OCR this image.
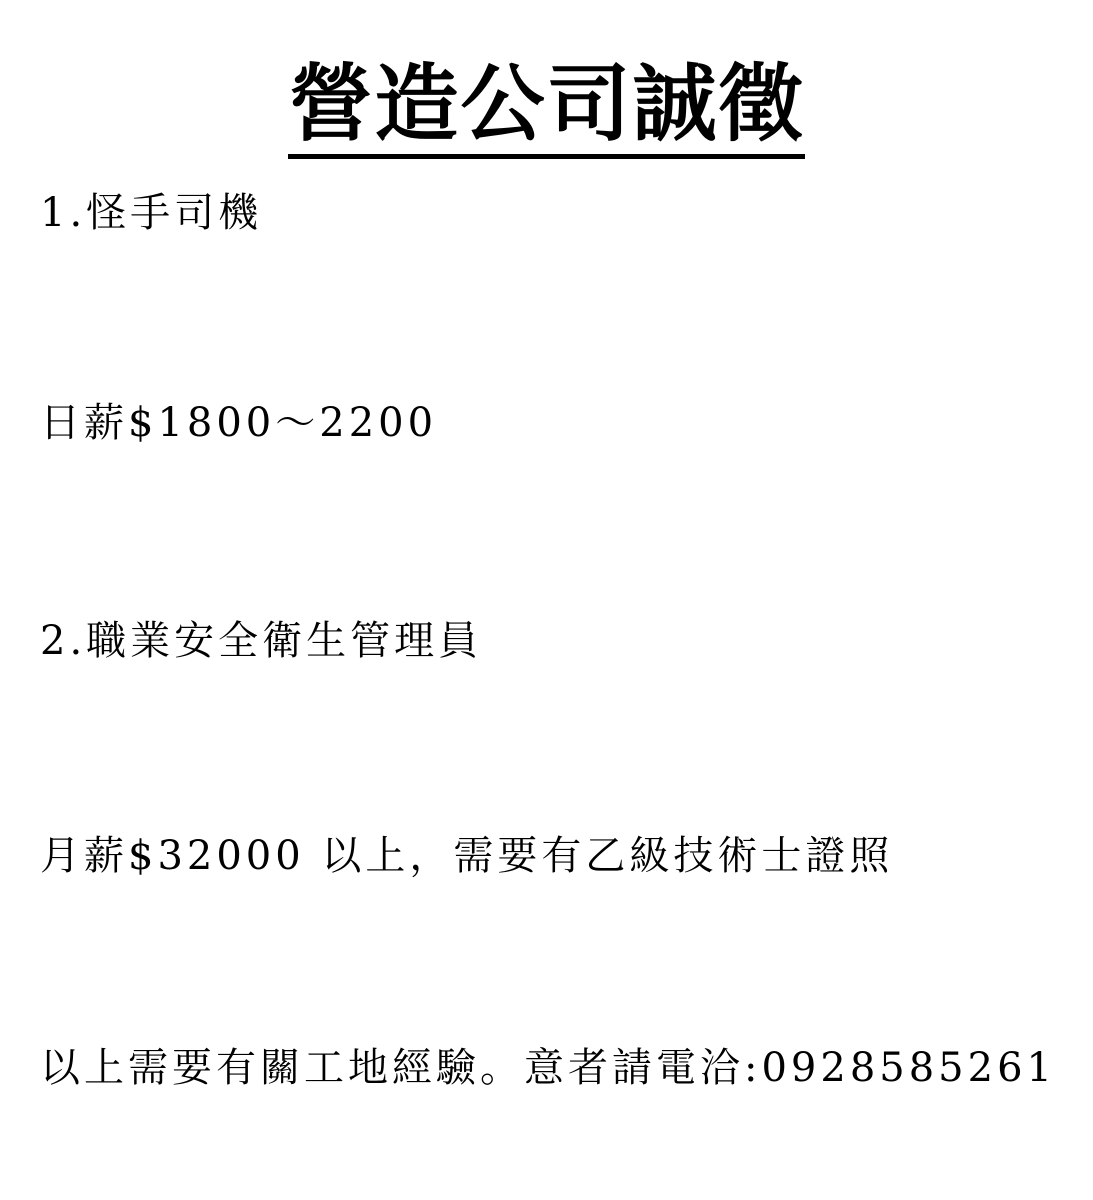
營造公司誠徵
1.怪手司機
日薪$1800～2200
2.職業安全衛生管理員
月薪$32000 以上，需要有乙級技術士證照
以上需要有關工地經驗。意者請電洽:0928585261
